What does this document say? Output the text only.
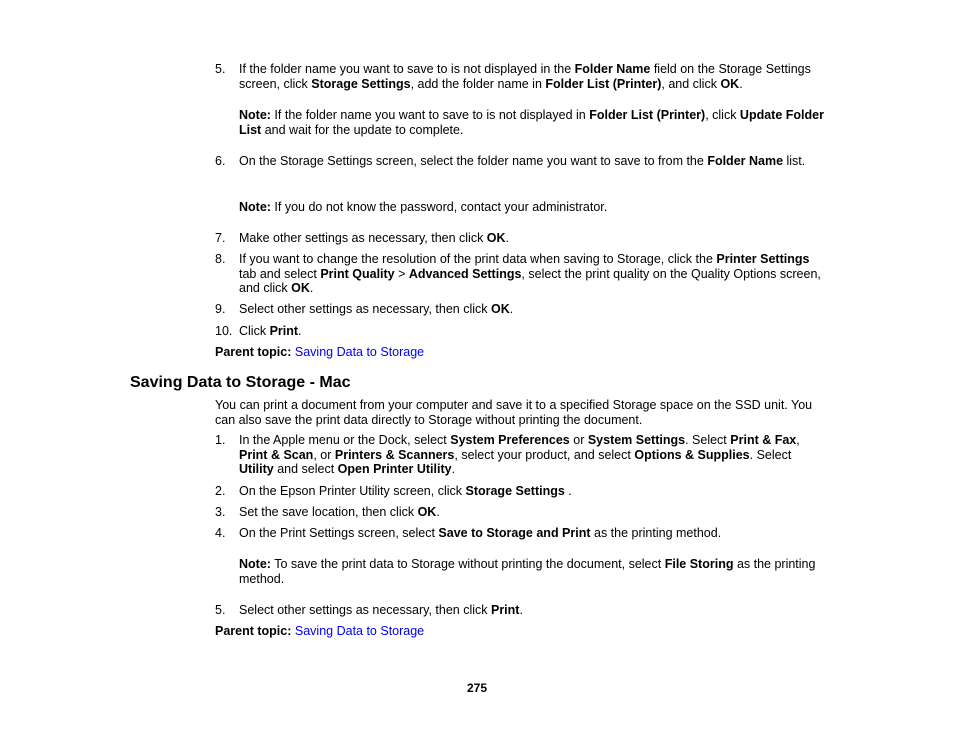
5.	If the folder name you want to save to is not displayed in the Folder Name field on the Storage Settings screen, click Storage Settings, add the folder name in Folder List (Printer), and click OK.
Note: If the folder name you want to save to is not displayed in Folder List (Printer), click Update Folder List and wait for the update to complete.
6.	On the Storage Settings screen, select the folder name you want to save to from the Folder Name list.
Note: If you do not know the password, contact your administrator.
7.	Make other settings as necessary, then click OK.
8.	If you want to change the resolution of the print data when saving to Storage, click the Printer Settings tab and select Print Quality > Advanced Settings, select the print quality on the Quality Options screen, and click OK.
9.	Select other settings as necessary, then click OK.
10. Click Print.
Parent topic: Saving Data to Storage
Saving Data to Storage - Mac
You can print a document from your computer and save it to a specified Storage space on the SSD unit. You can also save the print data directly to Storage without printing the document.
1.	In the Apple menu or the Dock, select System Preferences or System Settings. Select Print & Fax, Print & Scan, or Printers & Scanners, select your product, and select Options & Supplies. Select Utility and select Open Printer Utility.
2.	On the Epson Printer Utility screen, click Storage Settings .
3.	Set the save location, then click OK.
4.	On the Print Settings screen, select Save to Storage and Print as the printing method.
Note: To save the print data to Storage without printing the document, select File Storing as the printing method.
5.	Select other settings as necessary, then click Print.
Parent topic: Saving Data to Storage
275
